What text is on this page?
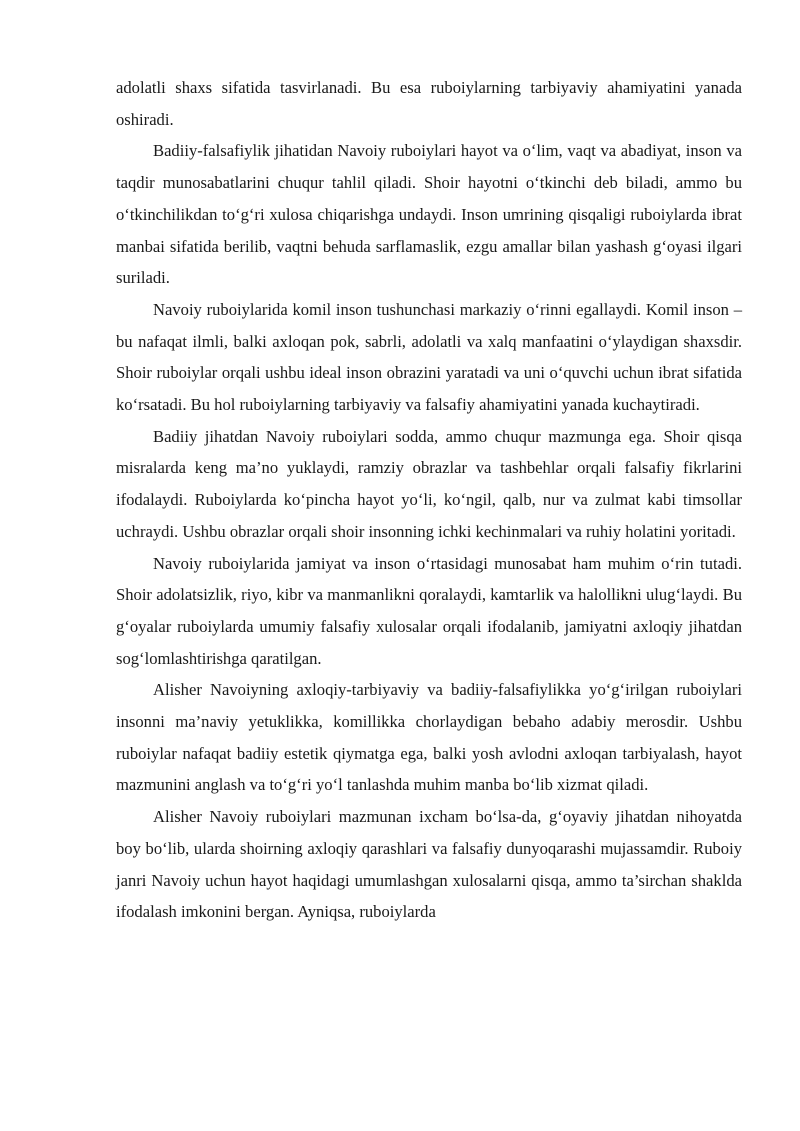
adolatli shaxs sifatida tasvirlanadi. Bu esa ruboiylarning tarbiyaviy ahamiyatini yanada oshiradi.

Badiiy-falsafiylik jihatidan Navoiy ruboiylari hayot va o‘lim, vaqt va abadiyat, inson va taqdir munosabatlarini chuqur tahlil qiladi. Shoir hayotni o‘tkinchi deb biladi, ammo bu o‘tkinchilikdan to‘g‘ri xulosa chiqarishga undaydi. Inson umrining qisqaligi ruboiylarda ibrat manbai sifatida berilib, vaqtni behuda sarflamaslik, ezgu amallar bilan yashash g‘oyasi ilgari suriladi.

Navoiy ruboiylarida komil inson tushunchasi markaziy o‘rinni egallaydi. Komil inson – bu nafaqat ilmli, balki axloqan pok, sabrli, adolatli va xalq manfaatini o‘ylaydigan shaxsdir. Shoir ruboiylar orqali ushbu ideal inson obrazini yaratadi va uni o‘quvchi uchun ibrat sifatida ko‘rsatadi. Bu hol ruboiylarning tarbiyaviy va falsafiy ahamiyatini yanada kuchaytiradi.

Badiiy jihatdan Navoiy ruboiylari sodda, ammo chuqur mazmunga ega. Shoir qisqa misralarda keng ma’no yuklaydi, ramziy obrazlar va tashbehlar orqali falsafiy fikrlarini ifodalaydi. Ruboiylarda ko‘pincha hayot yo‘li, ko‘ngil, qalb, nur va zulmat kabi timsollar uchraydi. Ushbu obrazlar orqali shoir insonning ichki kechinmalari va ruhiy holatini yoritadi.

Navoiy ruboiylarida jamiyat va inson o‘rtasidagi munosabat ham muhim o‘rin tutadi. Shoir adolatsizlik, riyo, kibr va manmanlikni qoralaydi, kamtarlik va halollikni ulug‘laydi. Bu g‘oyalar ruboiylarda umumiy falsafiy xulosalar orqali ifodalanib, jamiyatni axloqiy jihatdan sog‘lomlashtirishga qaratilgan.

Alisher Navoiyning axloqiy-tarbiyaviy va badiiy-falsafiylikka yo‘g‘irilgan ruboiylari insonni ma’naviy yetuklikka, komillikka chorlaydigan bebaho adabiy merosdir. Ushbu ruboiylar nafaqat badiiy estetik qiymatga ega, balki yosh avlodni axloqan tarbiyalash, hayot mazmunini anglash va to‘g‘ri yo‘l tanlashda muhim manba bo‘lib xizmat qiladi.

Alisher Navoiy ruboiylari mazmunan ixcham bo‘lsa-da, g‘oyaviy jihatdan nihoyatda boy bo‘lib, ularda shoirning axloqiy qarashlari va falsafiy dunyoqarashi mujassamdir. Ruboiy janri Navoiy uchun hayot haqidagi umumlashgan xulosalarni qisqa, ammo ta’sirchan shaklda ifodalash imkonini bergan. Ayniqsa, ruboiylarda
